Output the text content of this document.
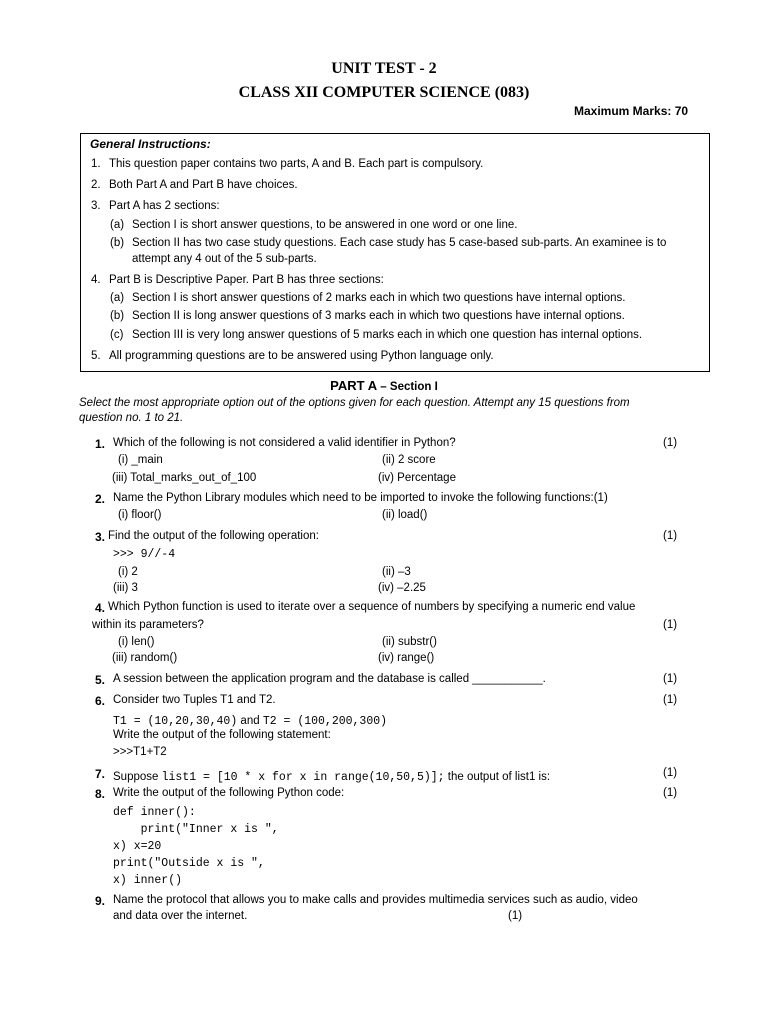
UNIT TEST - 2
CLASS XII COMPUTER SCIENCE (083)
Maximum Marks: 70
General Instructions:
1. This question paper contains two parts, A and B. Each part is compulsory.
2. Both Part A and Part B have choices.
3. Part A has 2 sections:
(a) Section I is short answer questions, to be answered in one word or one line.
(b) Section II has two case study questions. Each case study has 5 case-based sub-parts. An examinee is to
attempt any 4 out of the 5 sub-parts.
4. Part B is Descriptive Paper. Part B has three sections:
(a) Section I is short answer questions of 2 marks each in which two questions have internal options.
(b) Section II is long answer questions of 3 marks each in which two questions have internal options.
(c) Section III is very long answer questions of 5 marks each in which one question has internal options.
5. All programming questions are to be answered using Python language only.
PART A – Section I
Select the most appropriate option out of the options given for each question. Attempt any 15 questions from
question no. 1 to 21.
1. Which of the following is not considered a valid identifier in Python?	(1)
(i) _main	(ii) 2 score
(iii) Total_marks_out_of_100	(iv) Percentage
2. Name the Python Library modules which need to be imported to invoke the following functions:(1)
(i) floor()	(ii) load()
3. Find the output of the following operation:	(1)
>>> 9//-4
(i) 2	(ii) –3
(iii) 3	(iv) –2.25
4. Which Python function is used to iterate over a sequence of numbers by specifying a numeric end value
within its parameters?	(1)
(i) len()	(ii) substr()
(iii) random()	(iv) range()
5. A session between the application program and the database is called ___________.	(1)
6. Consider two Tuples T1 and T2.	(1)
T1 = (10,20,30,40) and T2 = (100,200,300)
Write the output of the following statement:
>>>T1+T2
7. Suppose list1 = [10 * x for x in range(10,50,5)]; the output of list1 is:	(1)
8. Write the output of the following Python code:	(1)
def inner():
print("Inner x is ",
x) x=20
print("Outside x is ",
x) inner()
9. Name the protocol that allows you to make calls and provides multimedia services such as audio, video
and data over the internet.	(1)
